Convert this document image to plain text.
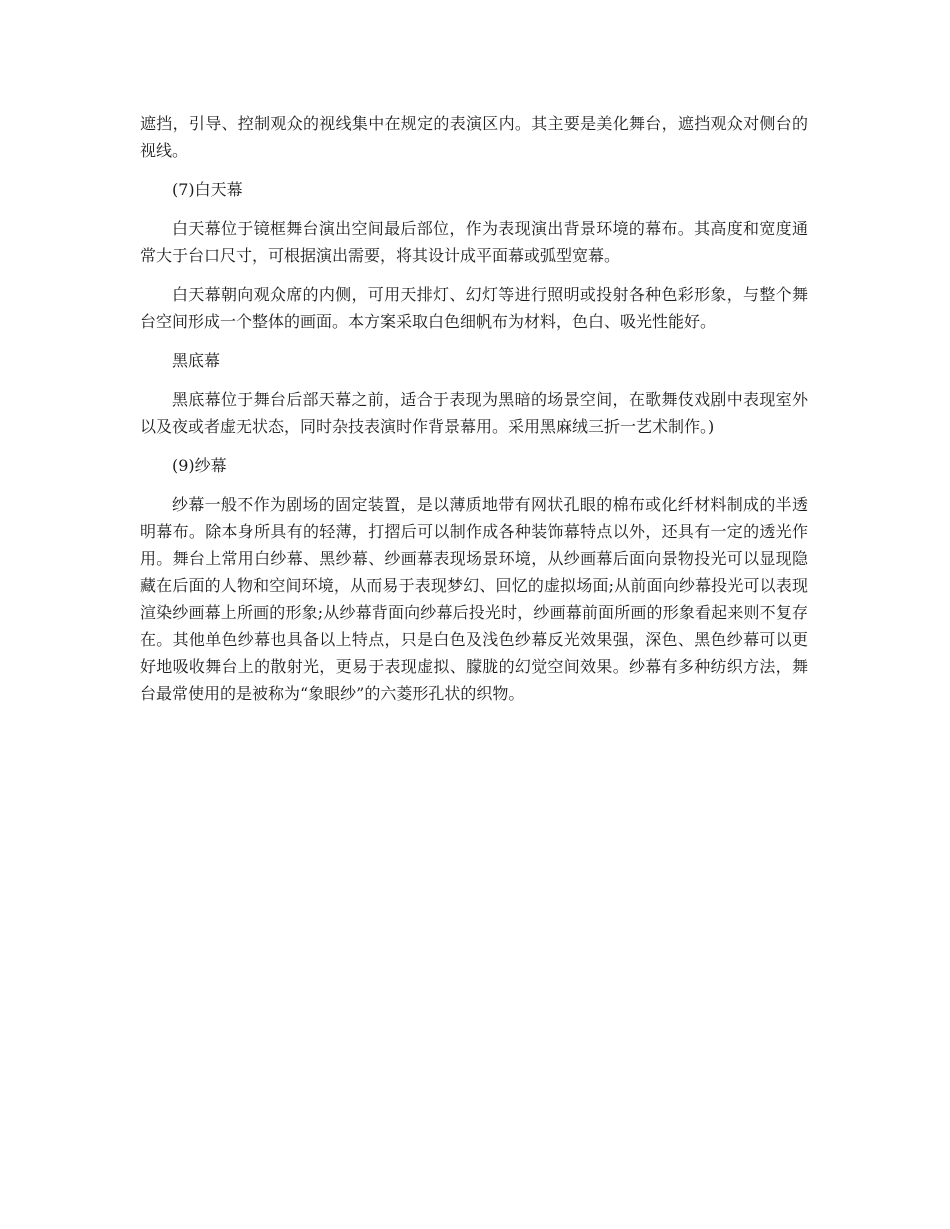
遮挡，引导、控制观众的视线集中在规定的表演区内。其主要是美化舞台，遮挡观众对侧台的视线。

(7)白天幕

白天幕位于镜框舞台演出空间最后部位，作为表现演出背景环境的幕布。其高度和宽度通常大于台口尺寸，可根据演出需要，将其设计成平面幕或弧型宽幕。

白天幕朝向观众席的内侧，可用天排灯、幻灯等进行照明或投射各种色彩形象，与整个舞台空间形成一个整体的画面。本方案采取白色细帆布为材料，色白、吸光性能好。

黑底幕

黑底幕位于舞台后部天幕之前，适合于表现为黑暗的场景空间，在歌舞伎戏剧中表现室外以及夜或者虚无状态，同时杂技表演时作背景幕用。采用黑麻绒三折一艺术制作。)

(9)纱幕

纱幕一般不作为剧场的固定装置，是以薄质地带有网状孔眼的棉布或化纤材料制成的半透明幕布。除本身所具有的轻薄，打摺后可以制作成各种装饰幕特点以外，还具有一定的透光作用。舞台上常用白纱幕、黑纱幕、纱画幕表现场景环境，从纱画幕后面向景物投光可以显现隐藏在后面的人物和空间环境，从而易于表现梦幻、回忆的虚拟场面;从前面向纱幕投光可以表现渲染纱画幕上所画的形象;从纱幕背面向纱幕后投光时，纱画幕前面所画的形象看起来则不复存在。其他单色纱幕也具备以上特点，只是白色及浅色纱幕反光效果强，深色、黑色纱幕可以更好地吸收舞台上的散射光，更易于表现虚拟、朦胧的幻觉空间效果。纱幕有多种纺织方法，舞台最常使用的是被称为“象眼纱”的六菱形孔状的织物。
